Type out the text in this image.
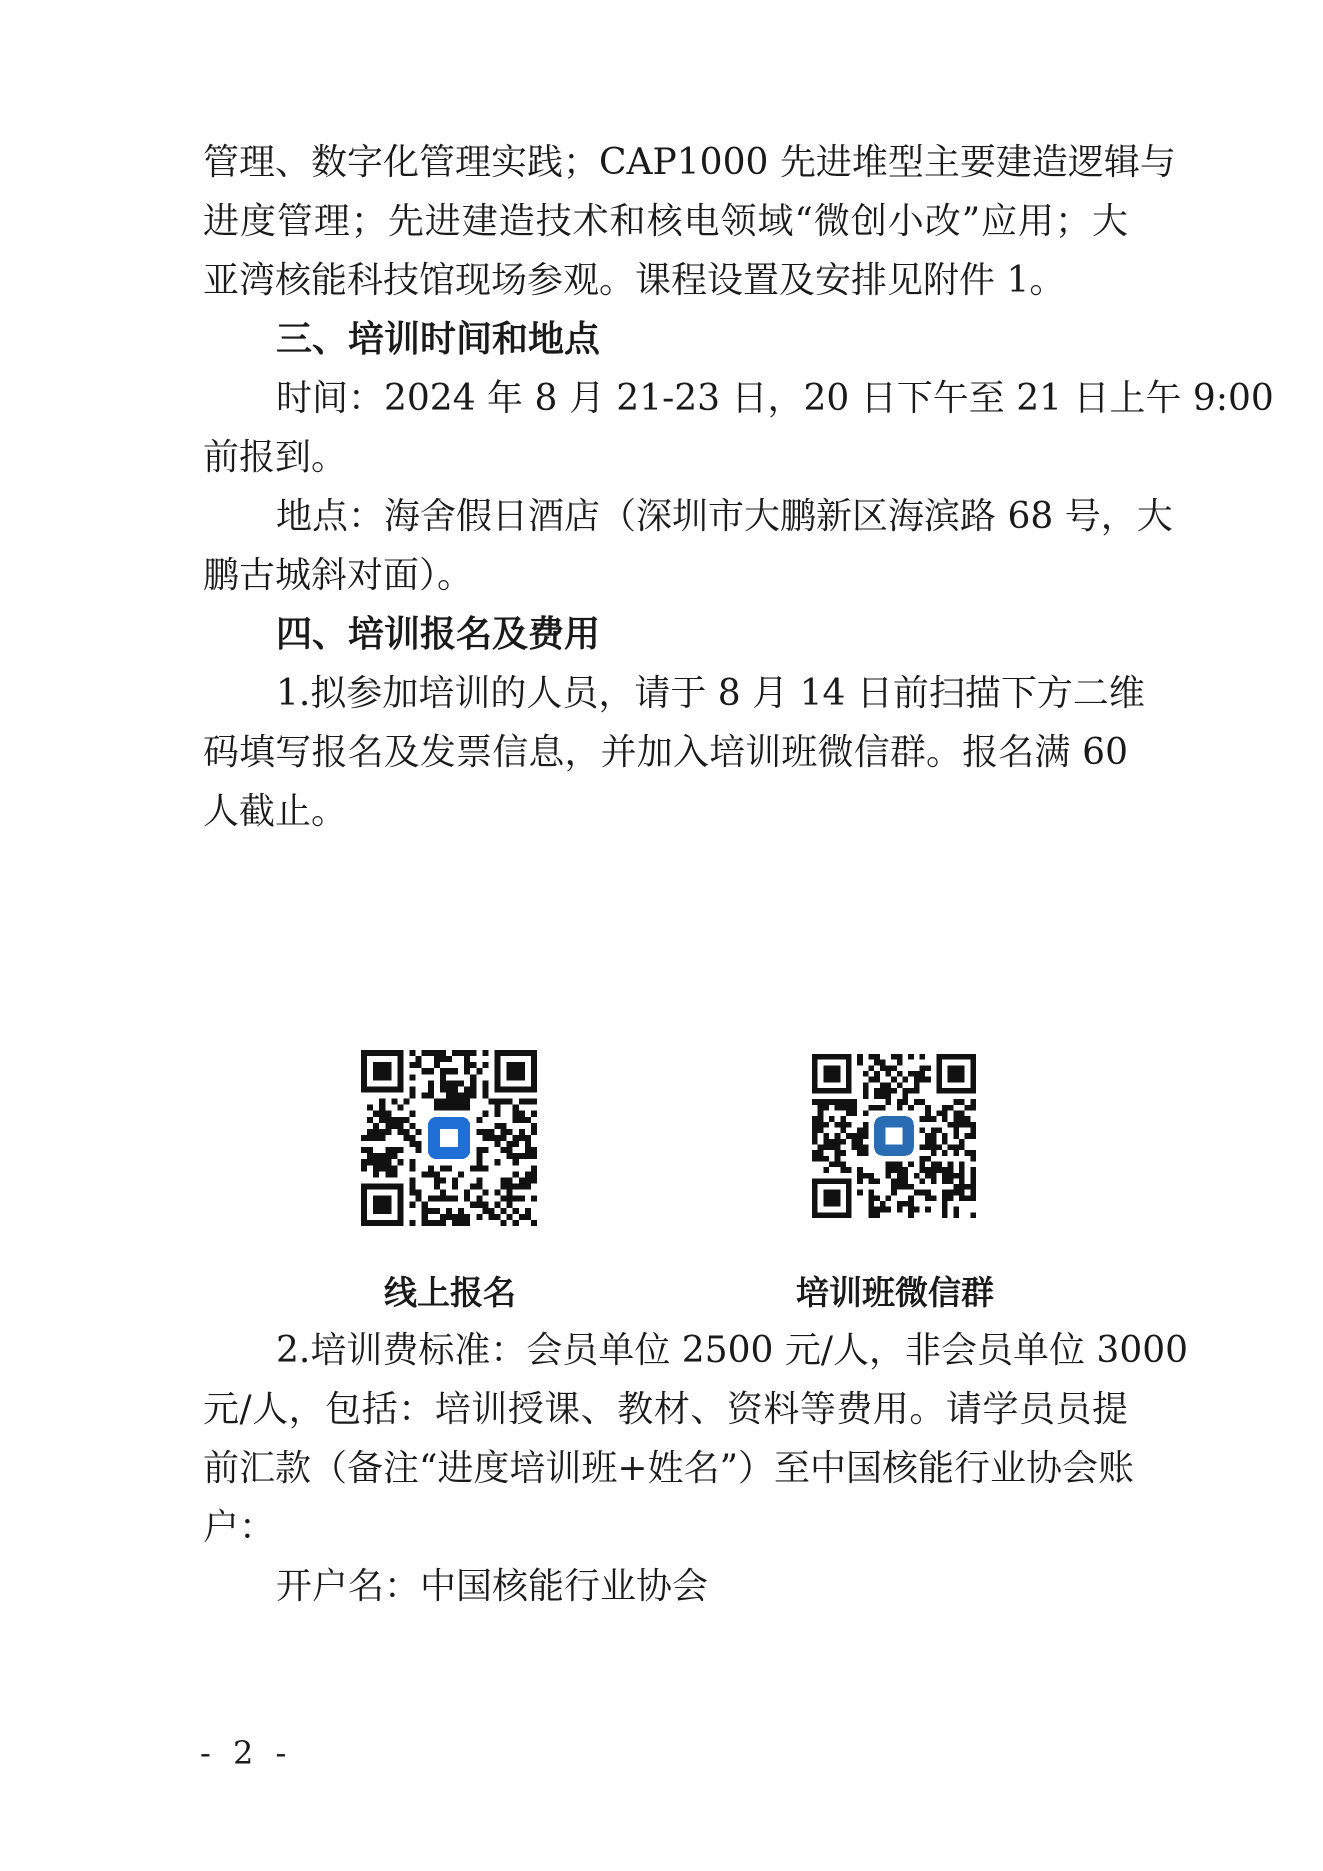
管理、数字化管理实践；CAP1000 先进堆型主要建造逻辑与
进度管理；先进建造技术和核电领域“微创小改”应用；大
亚湾核能科技馆现场参观。课程设置及安排见附件 1。
三、培训时间和地点
时间：2024 年 8 月 21-23 日，20 日下午至 21 日上午 9:00
前报到。
地点：海舍假日酒店（深圳市大鹏新区海滨路 68 号，大
鹏古城斜对面）。
四、培训报名及费用
1.拟参加培训的人员，请于 8 月 14 日前扫描下方二维
码填写报名及发票信息，并加入培训班微信群。报名满 60
人截止。
线上报名	培训班微信群
2.培训费标准：会员单位 2500 元/人，非会员单位 3000
元/人，包括：培训授课、教材、资料等费用。请学员员提
前汇款（备注“进度培训班+姓名”）至中国核能行业协会账
户：
开户名：中国核能行业协会
- 2 -
